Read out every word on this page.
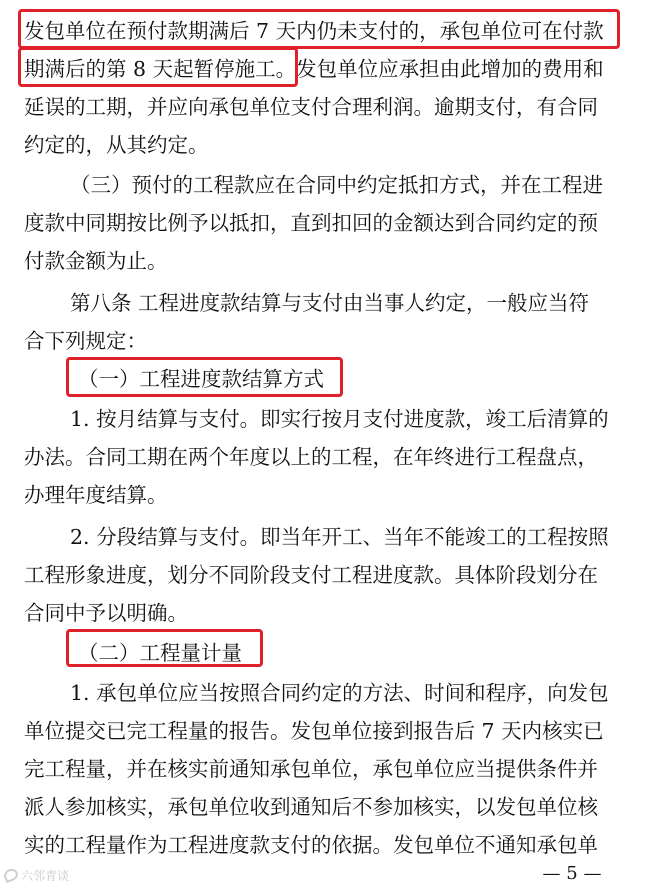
发包单位在预付款期满后 7 天内仍未支付的，承包单位可在付款
期满后的第 8 天起暂停施工。发包单位应承担由此增加的费用和
延误的工期，并应向承包单位支付合理利润。逾期支付，有合同
约定的，从其约定。
（三）预付的工程款应在合同中约定抵扣方式，并在工程进
度款中同期按比例予以抵扣，直到扣回的金额达到合同约定的预
付款金额为止。
第八条 工程进度款结算与支付由当事人约定，一般应当符
合下列规定：
（一）工程进度款结算方式
1. 按月结算与支付。即实行按月支付进度款，竣工后清算的
办法。合同工期在两个年度以上的工程，在年终进行工程盘点，
办理年度结算。
2. 分段结算与支付。即当年开工、当年不能竣工的工程按照
工程形象进度，划分不同阶段支付工程进度款。具体阶段划分在
合同中予以明确。
（二）工程量计量
1. 承包单位应当按照合同约定的方法、时间和程序，向发包
单位提交已完工程量的报告。发包单位接到报告后 7 天内核实已
完工程量，并在核实前通知承包单位，承包单位应当提供条件并
派人参加核实，承包单位收到通知后不参加核实，以发包单位核
实的工程量作为工程进度款支付的依据。发包单位不通知承包单
— 5 —
六邻青谈
